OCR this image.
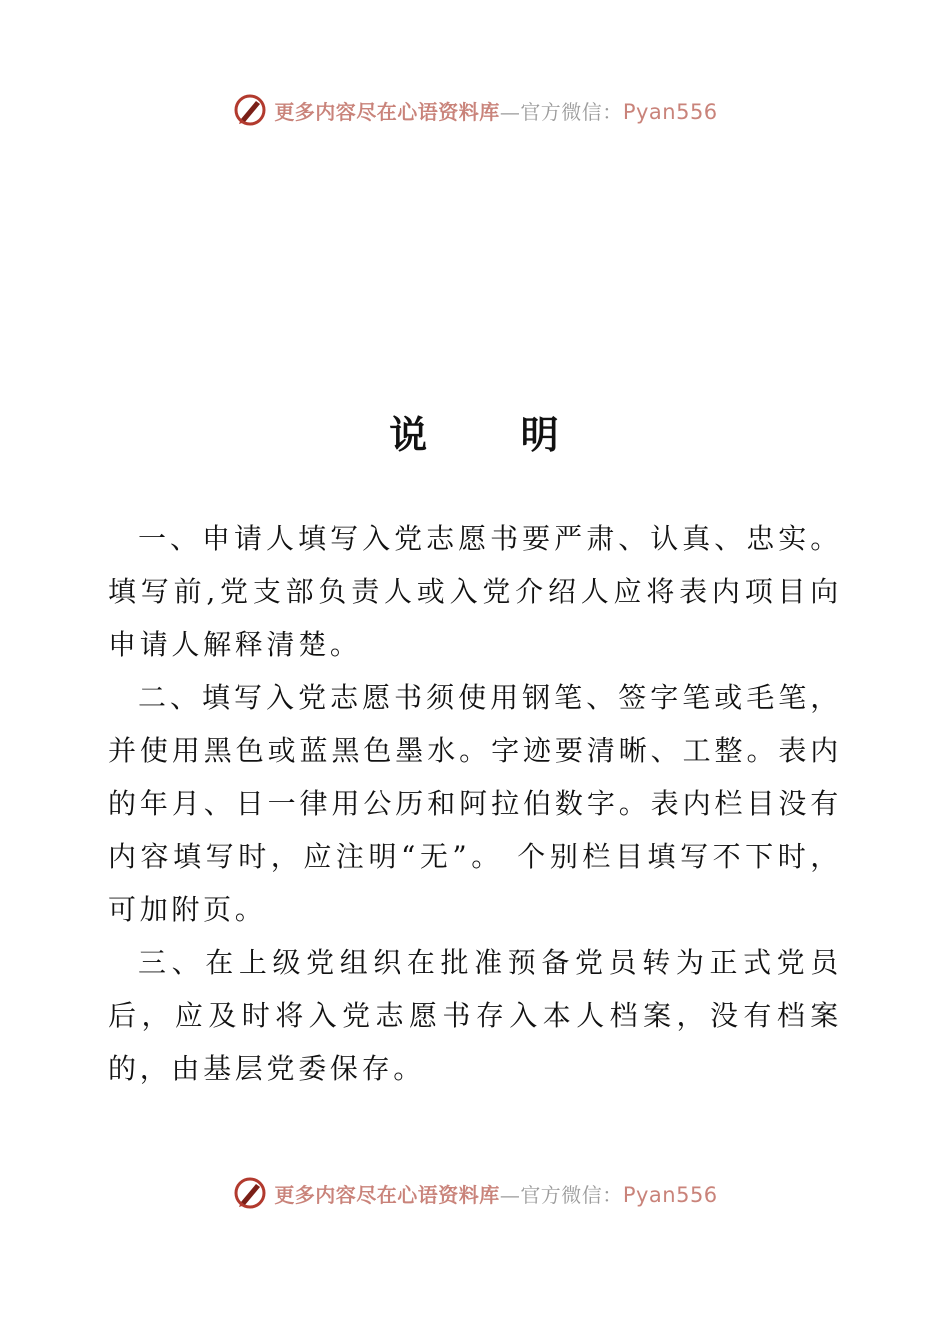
更多内容尽在心语资料库—官方微信：Pyan556
说      明

一、申请人填写入党志愿书要严肃、认真、忠实。填写前,党支部负责人或入党介绍人应将表内项目向申请人解释清楚。

二、填写入党志愿书须使用钢笔、签字笔或毛笔，并使用黑色或蓝黑色墨水。字迹要清晰、工整。表内的年月、日一律用公历和阿拉伯数字。表内栏目没有内容填写时，应注明“无”。 个别栏目填写不下时，可加附页。

三、在上级党组织在批准预备党员转为正式党员后，应及时将入党志愿书存入本人档案，没有档案的，由基层党委保存。

更多内容尽在心语资料库—官方微信：Pyan556
